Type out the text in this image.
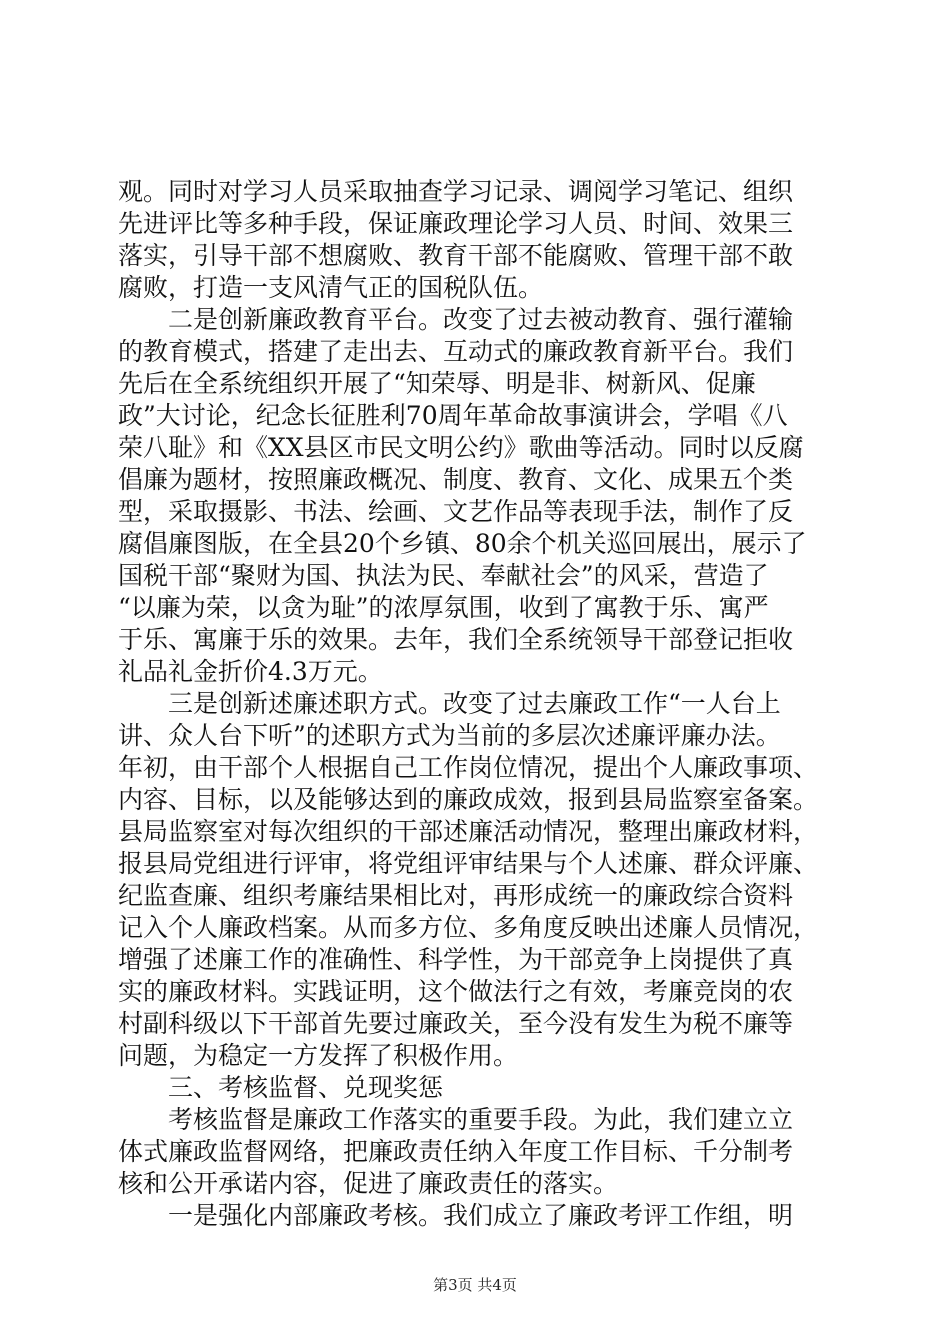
观。同时对学习人员采取抽查学习记录、调阅学习笔记、组织
先进评比等多种手段，保证廉政理论学习人员、时间、效果三
落实，引导干部不想腐败、教育干部不能腐败、管理干部不敢
腐败，打造一支风清气正的国税队伍。
　　二是创新廉政教育平台。改变了过去被动教育、强行灌输
的教育模式，搭建了走出去、互动式的廉政教育新平台。我们
先后在全系统组织开展了“知荣辱、明是非、树新风、促廉
政”大讨论，纪念长征胜利70周年革命故事演讲会，学唱《八
荣八耻》和《XX县区市民文明公约》歌曲等活动。同时以反腐
倡廉为题材，按照廉政概况、制度、教育、文化、成果五个类
型，采取摄影、书法、绘画、文艺作品等表现手法，制作了反
腐倡廉图版，在全县20个乡镇、80余个机关巡回展出，展示了
国税干部“聚财为国、执法为民、奉献社会”的风采，营造了
“以廉为荣，以贪为耻”的浓厚氛围，收到了寓教于乐、寓严
于乐、寓廉于乐的效果。去年，我们全系统领导干部登记拒收
礼品礼金折价4.3万元。
　　三是创新述廉述职方式。改变了过去廉政工作“一人台上
讲、众人台下听”的述职方式为当前的多层次述廉评廉办法。
年初，由干部个人根据自己工作岗位情况，提出个人廉政事项、
内容、目标，以及能够达到的廉政成效，报到县局监察室备案。
县局监察室对每次组织的干部述廉活动情况，整理出廉政材料，
报县局党组进行评审，将党组评审结果与个人述廉、群众评廉、
纪监查廉、组织考廉结果相比对，再形成统一的廉政综合资料
记入个人廉政档案。从而多方位、多角度反映出述廉人员情况，
增强了述廉工作的准确性、科学性，为干部竞争上岗提供了真
实的廉政材料。实践证明，这个做法行之有效，考廉竞岗的农
村副科级以下干部首先要过廉政关，至今没有发生为税不廉等
问题，为稳定一方发挥了积极作用。
　　三、考核监督、兑现奖惩
　　考核监督是廉政工作落实的重要手段。为此，我们建立立
体式廉政监督网络，把廉政责任纳入年度工作目标、千分制考
核和公开承诺内容，促进了廉政责任的落实。
　　一是强化内部廉政考核。我们成立了廉政考评工作组，明
第3页 共4页
